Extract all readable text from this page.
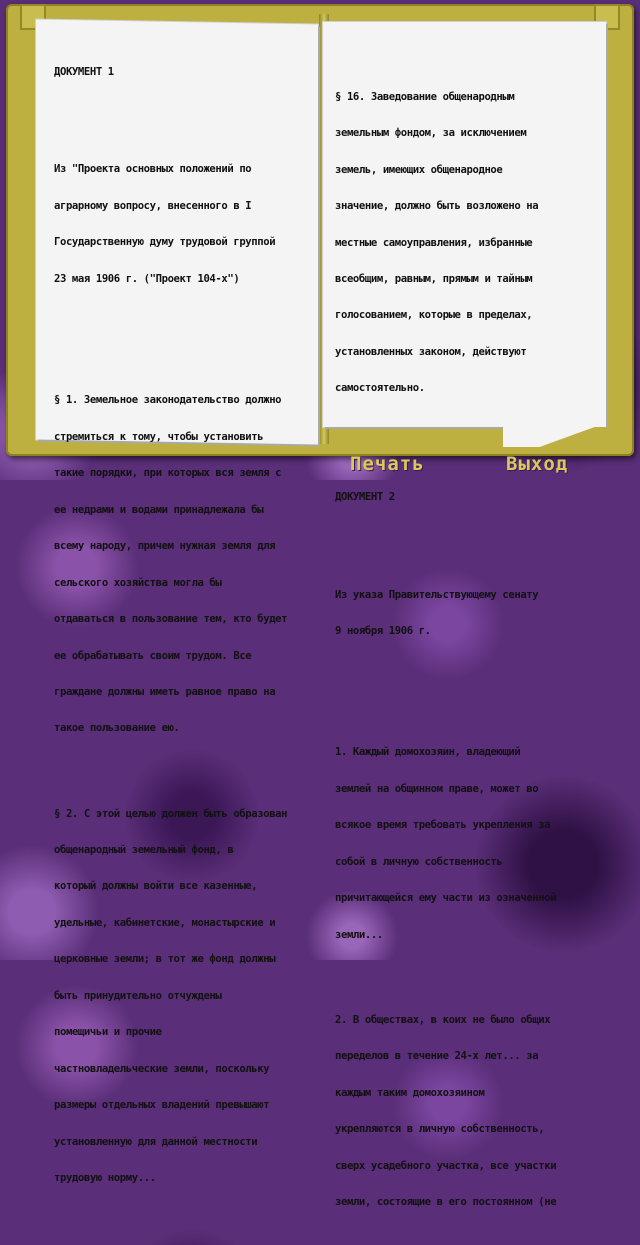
ДОКУМЕНТ 1

Из "Проекта основных положений по

аграрному вопросу, внесенного в I

Государственную думу трудовой группой

23 мая 1906 г. ("Проект 104-х")

§ 1. Земельное законодательство должно

стремиться к тому, чтобы установить

такие порядки, при которых вся земля с

ее недрами и водами принадлежала бы

всему народу, причем нужная земля для

сельского хозяйства могла бы

отдаваться в пользование тем, кто будет

ее обрабатывать своим трудом. Все

граждане должны иметь равное право на

такое пользование ею.

§ 2. С этой целью должен быть образован

общенародный земельный фонд, в

который должны войти все казенные,

удельные, кабинетские, монастырские и

церковные земли; в тот же фонд должны

быть принудительно отчуждены

помещичьи и прочие

частновладельческие земли, поскольку

размеры отдельных владений превышают

установленную для данной местности

трудовую норму...

§ 16. Заведование общенародным

земельным фондом, за исключением

земель, имеющих общенародное

значение, должно быть возложено на

местные самоуправления, избранные

всеобщим, равным, прямым и тайным

голосованием, которые в пределах,

установленных законом, действуют

самостоятельно.

ДОКУМЕНТ 2

Из указа Правительствующему сенату

9 ноября 1906 г.

1. Каждый домохозяин, владеющий

землей на общинном праве, может во

всякое время требовать укрепления за

собой в личную собственность

причитающейся ему части из означенной

земли...

2. В обществах, в коих не было общих

переделов в течение 24-х лет... за

каждым таким домохозяином

укрепляются в личную собственность,

сверх усадебного участка, все участки

земли, состоящие в его постоянном (не

Печать	Выход
